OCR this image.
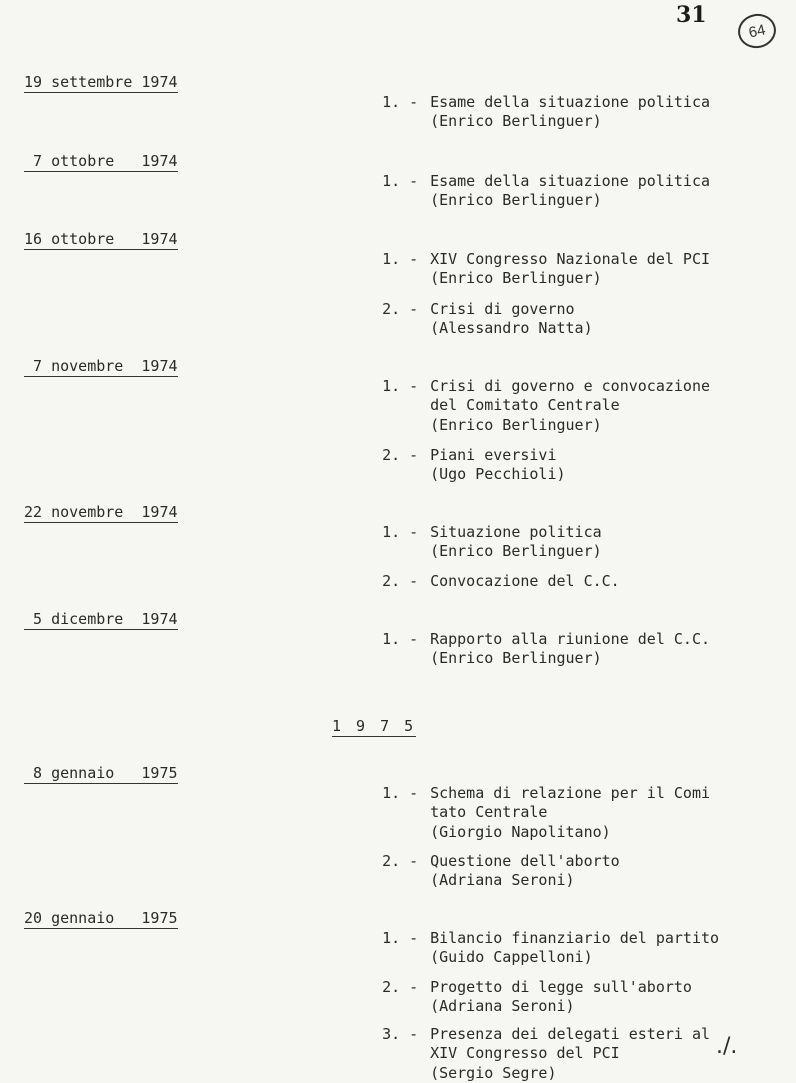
31
64
19 settembre 1974

1. - Esame della situazione politica
(Enrico Berlinguer)

7 ottobre   1974

1. - Esame della situazione politica
(Enrico Berlinguer)

16 ottobre   1974

1. - XIV Congresso Nazionale del PCI
(Enrico Berlinguer)

2. - Crisi di governo
(Alessandro Natta)

7 novembre  1974

1. - Crisi di governo e convocazione
del Comitato Centrale
(Enrico Berlinguer)

2. - Piani eversivi
(Ugo Pecchioli)

22 novembre  1974

1. - Situazione politica
(Enrico Berlinguer)

2. - Convocazione del C.C.

5 dicembre  1974

1. - Rapporto alla riunione del C.C.
(Enrico Berlinguer)

1 9 7 5
8 gennaio   1975

1. - Schema di relazione per il Comi
tato Centrale
(Giorgio Napolitano)

2. - Questione dell'aborto
(Adriana Seroni)

20 gennaio   1975

1. - Bilancio finanziario del partito
(Guido Cappelloni)

2. - Progetto di legge sull'aborto
(Adriana Seroni)

3. - Presenza dei delegati esteri al
XIV Congresso del PCI
(Sergio Segre)

./.
